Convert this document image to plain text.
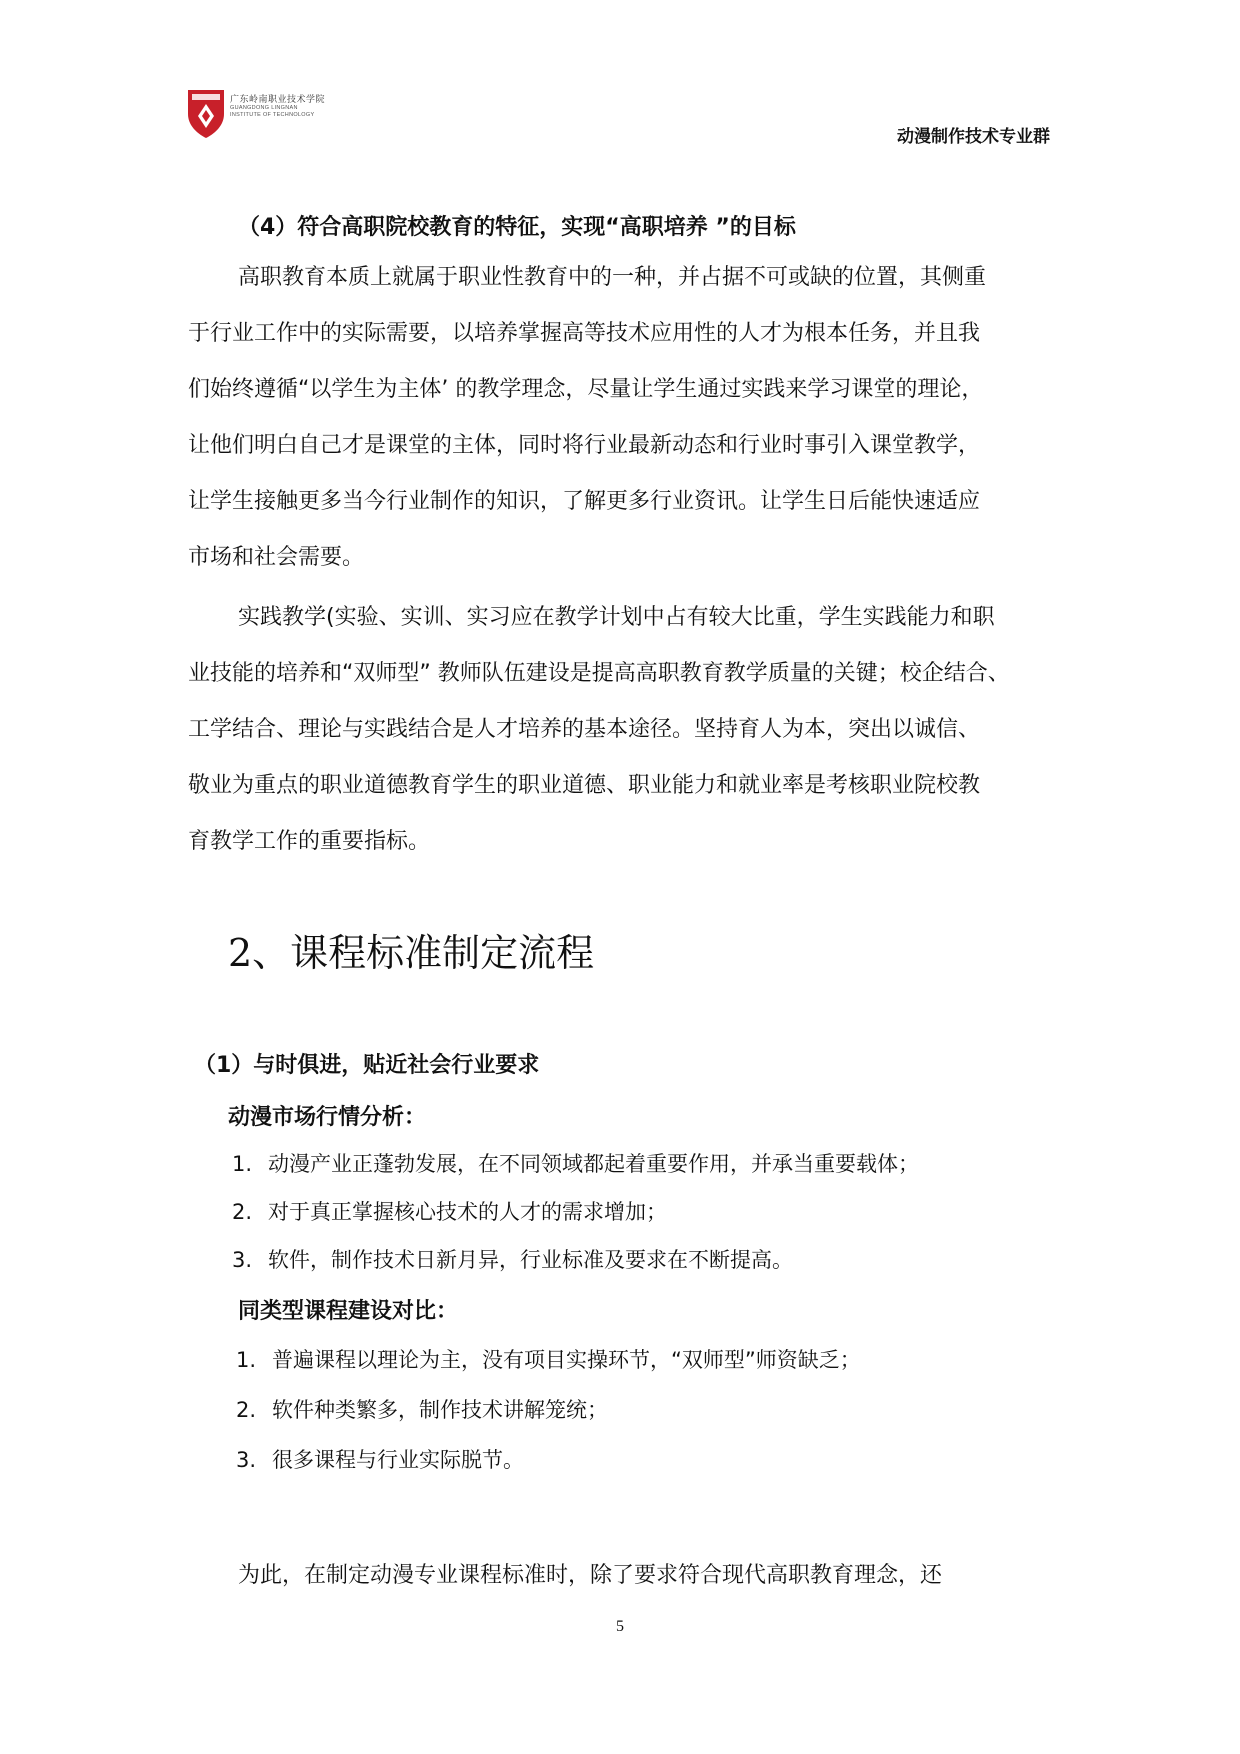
广东岭南职业技术学院
GUANGDONG LINGNAN
INSTITUTE OF TECHNOLOGY
动漫制作技术专业群
（4）符合高职院校教育的特征，实现“高职培养 ”的目标
高职教育本质上就属于职业性教育中的一种，并占据不可或缺的位置，其侧重
于行业工作中的实际需要，以培养掌握高等技术应用性的人才为根本任务，并且我
们始终遵循“以学生为主体’ 的教学理念，尽量让学生通过实践来学习课堂的理论，
让他们明白自己才是课堂的主体，同时将行业最新动态和行业时事引入课堂教学，
让学生接触更多当今行业制作的知识，了解更多行业资讯。让学生日后能快速适应
市场和社会需要。
实践教学(实验、实训、实习应在教学计划中占有较大比重，学生实践能力和职
业技能的培养和“双师型” 教师队伍建设是提高高职教育教学质量的关键；校企结合、
工学结合、理论与实践结合是人才培养的基本途径。坚持育人为本，突出以诚信、
敬业为重点的职业道德教育学生的职业道德、职业能力和就业率是考核职业院校教
育教学工作的重要指标。
2、课程标准制定流程
（1）与时俱进，贴近社会行业要求
动漫市场行情分析：
1. 动漫产业正蓬勃发展，在不同领域都起着重要作用，并承当重要载体；
2. 对于真正掌握核心技术的人才的需求增加；
3. 软件，制作技术日新月异，行业标准及要求在不断提高。
同类型课程建设对比：
1. 普遍课程以理论为主，没有项目实操环节，“双师型”师资缺乏；
2. 软件种类繁多，制作技术讲解笼统；
3. 很多课程与行业实际脱节。
为此，在制定动漫专业课程标准时，除了要求符合现代高职教育理念，还
5
